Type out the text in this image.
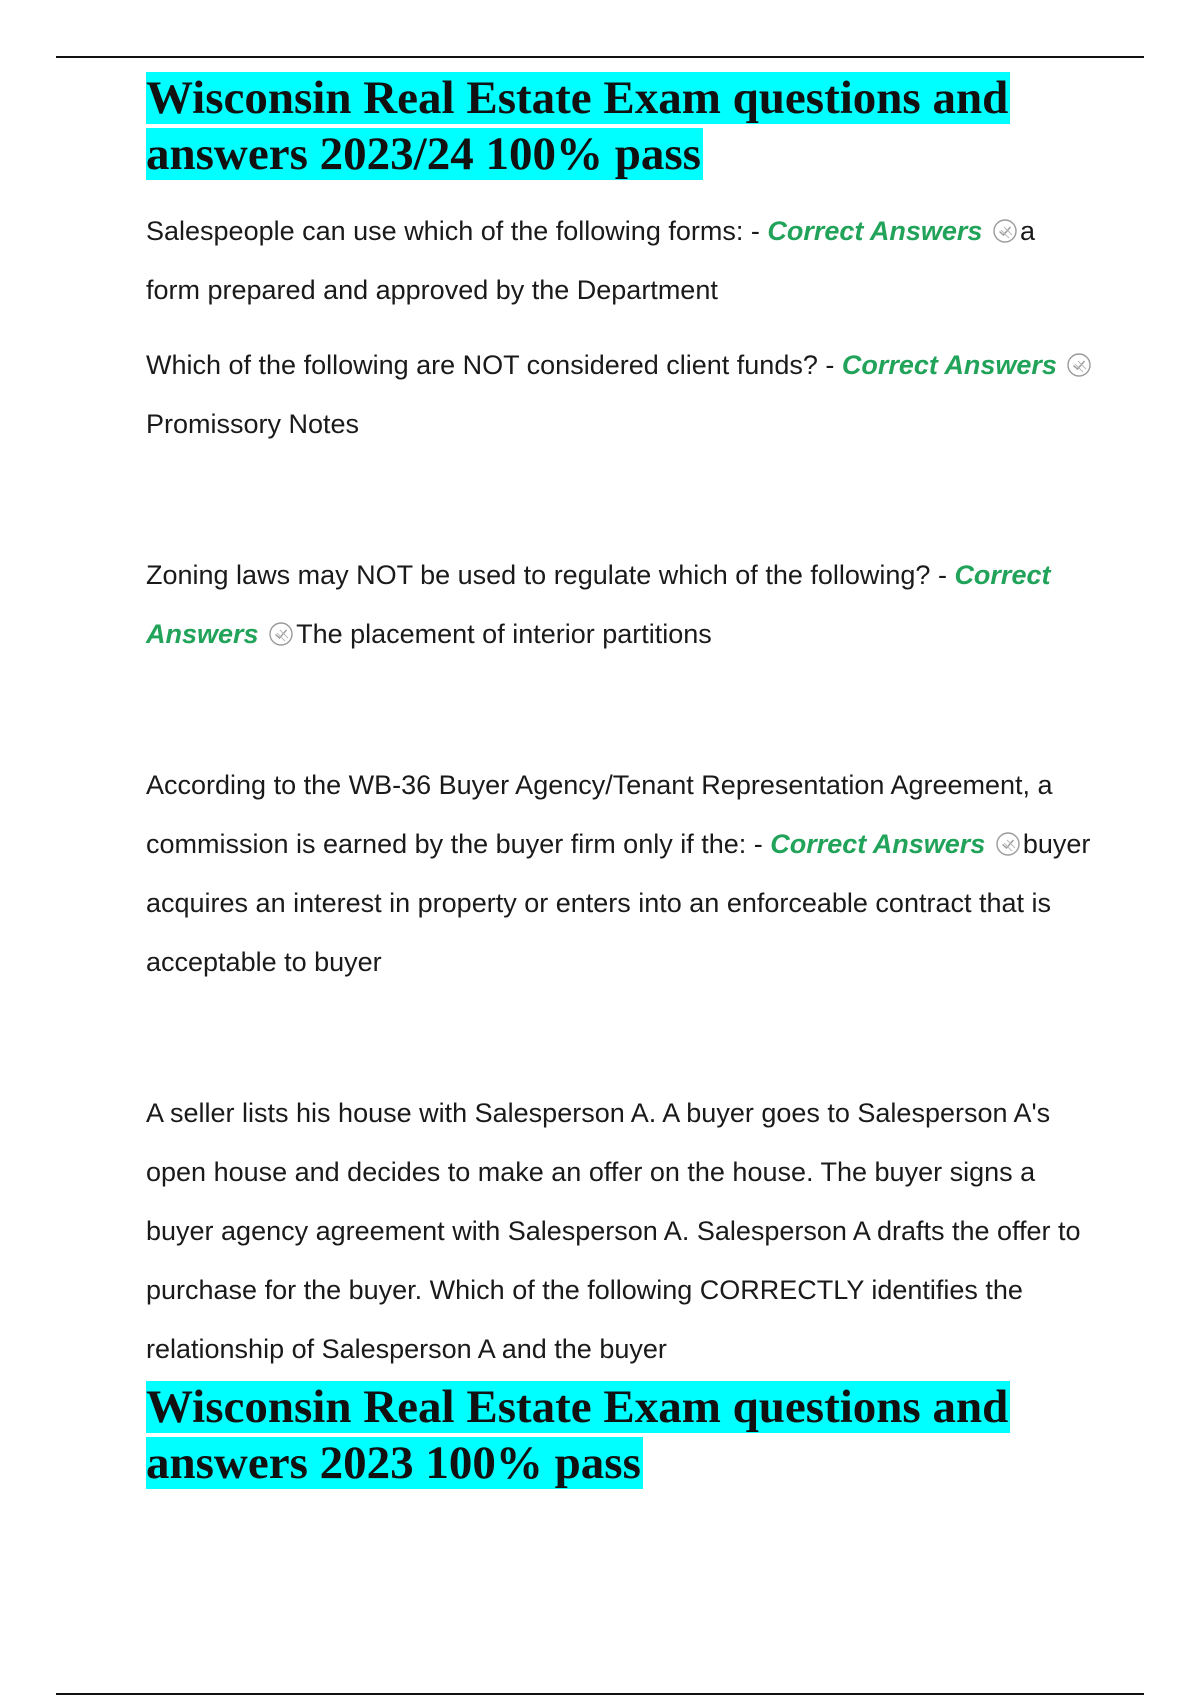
Wisconsin Real Estate Exam questions and answers 2023/24 100% pass

Salespeople can use which of the following forms: - Correct Answers a form prepared and approved by the Department

Which of the following are NOT considered client funds? - Correct Answers
Promissory Notes

Zoning laws may NOT be used to regulate which of the following? - Correct Answers The placement of interior partitions

According to the WB-36 Buyer Agency/Tenant Representation Agreement, a commission is earned by the buyer firm only if the: - Correct Answers buyer acquires an interest in property or enters into an enforceable contract that is acceptable to buyer

A seller lists his house with Salesperson A. A buyer goes to Salesperson A's open house and decides to make an offer on the house. The buyer signs a buyer agency agreement with Salesperson A. Salesperson A drafts the offer to purchase for the buyer. Which of the following CORRECTLY identifies the relationship of Salesperson A and the buyer

Wisconsin Real Estate Exam questions and answers 2023 100% pass
